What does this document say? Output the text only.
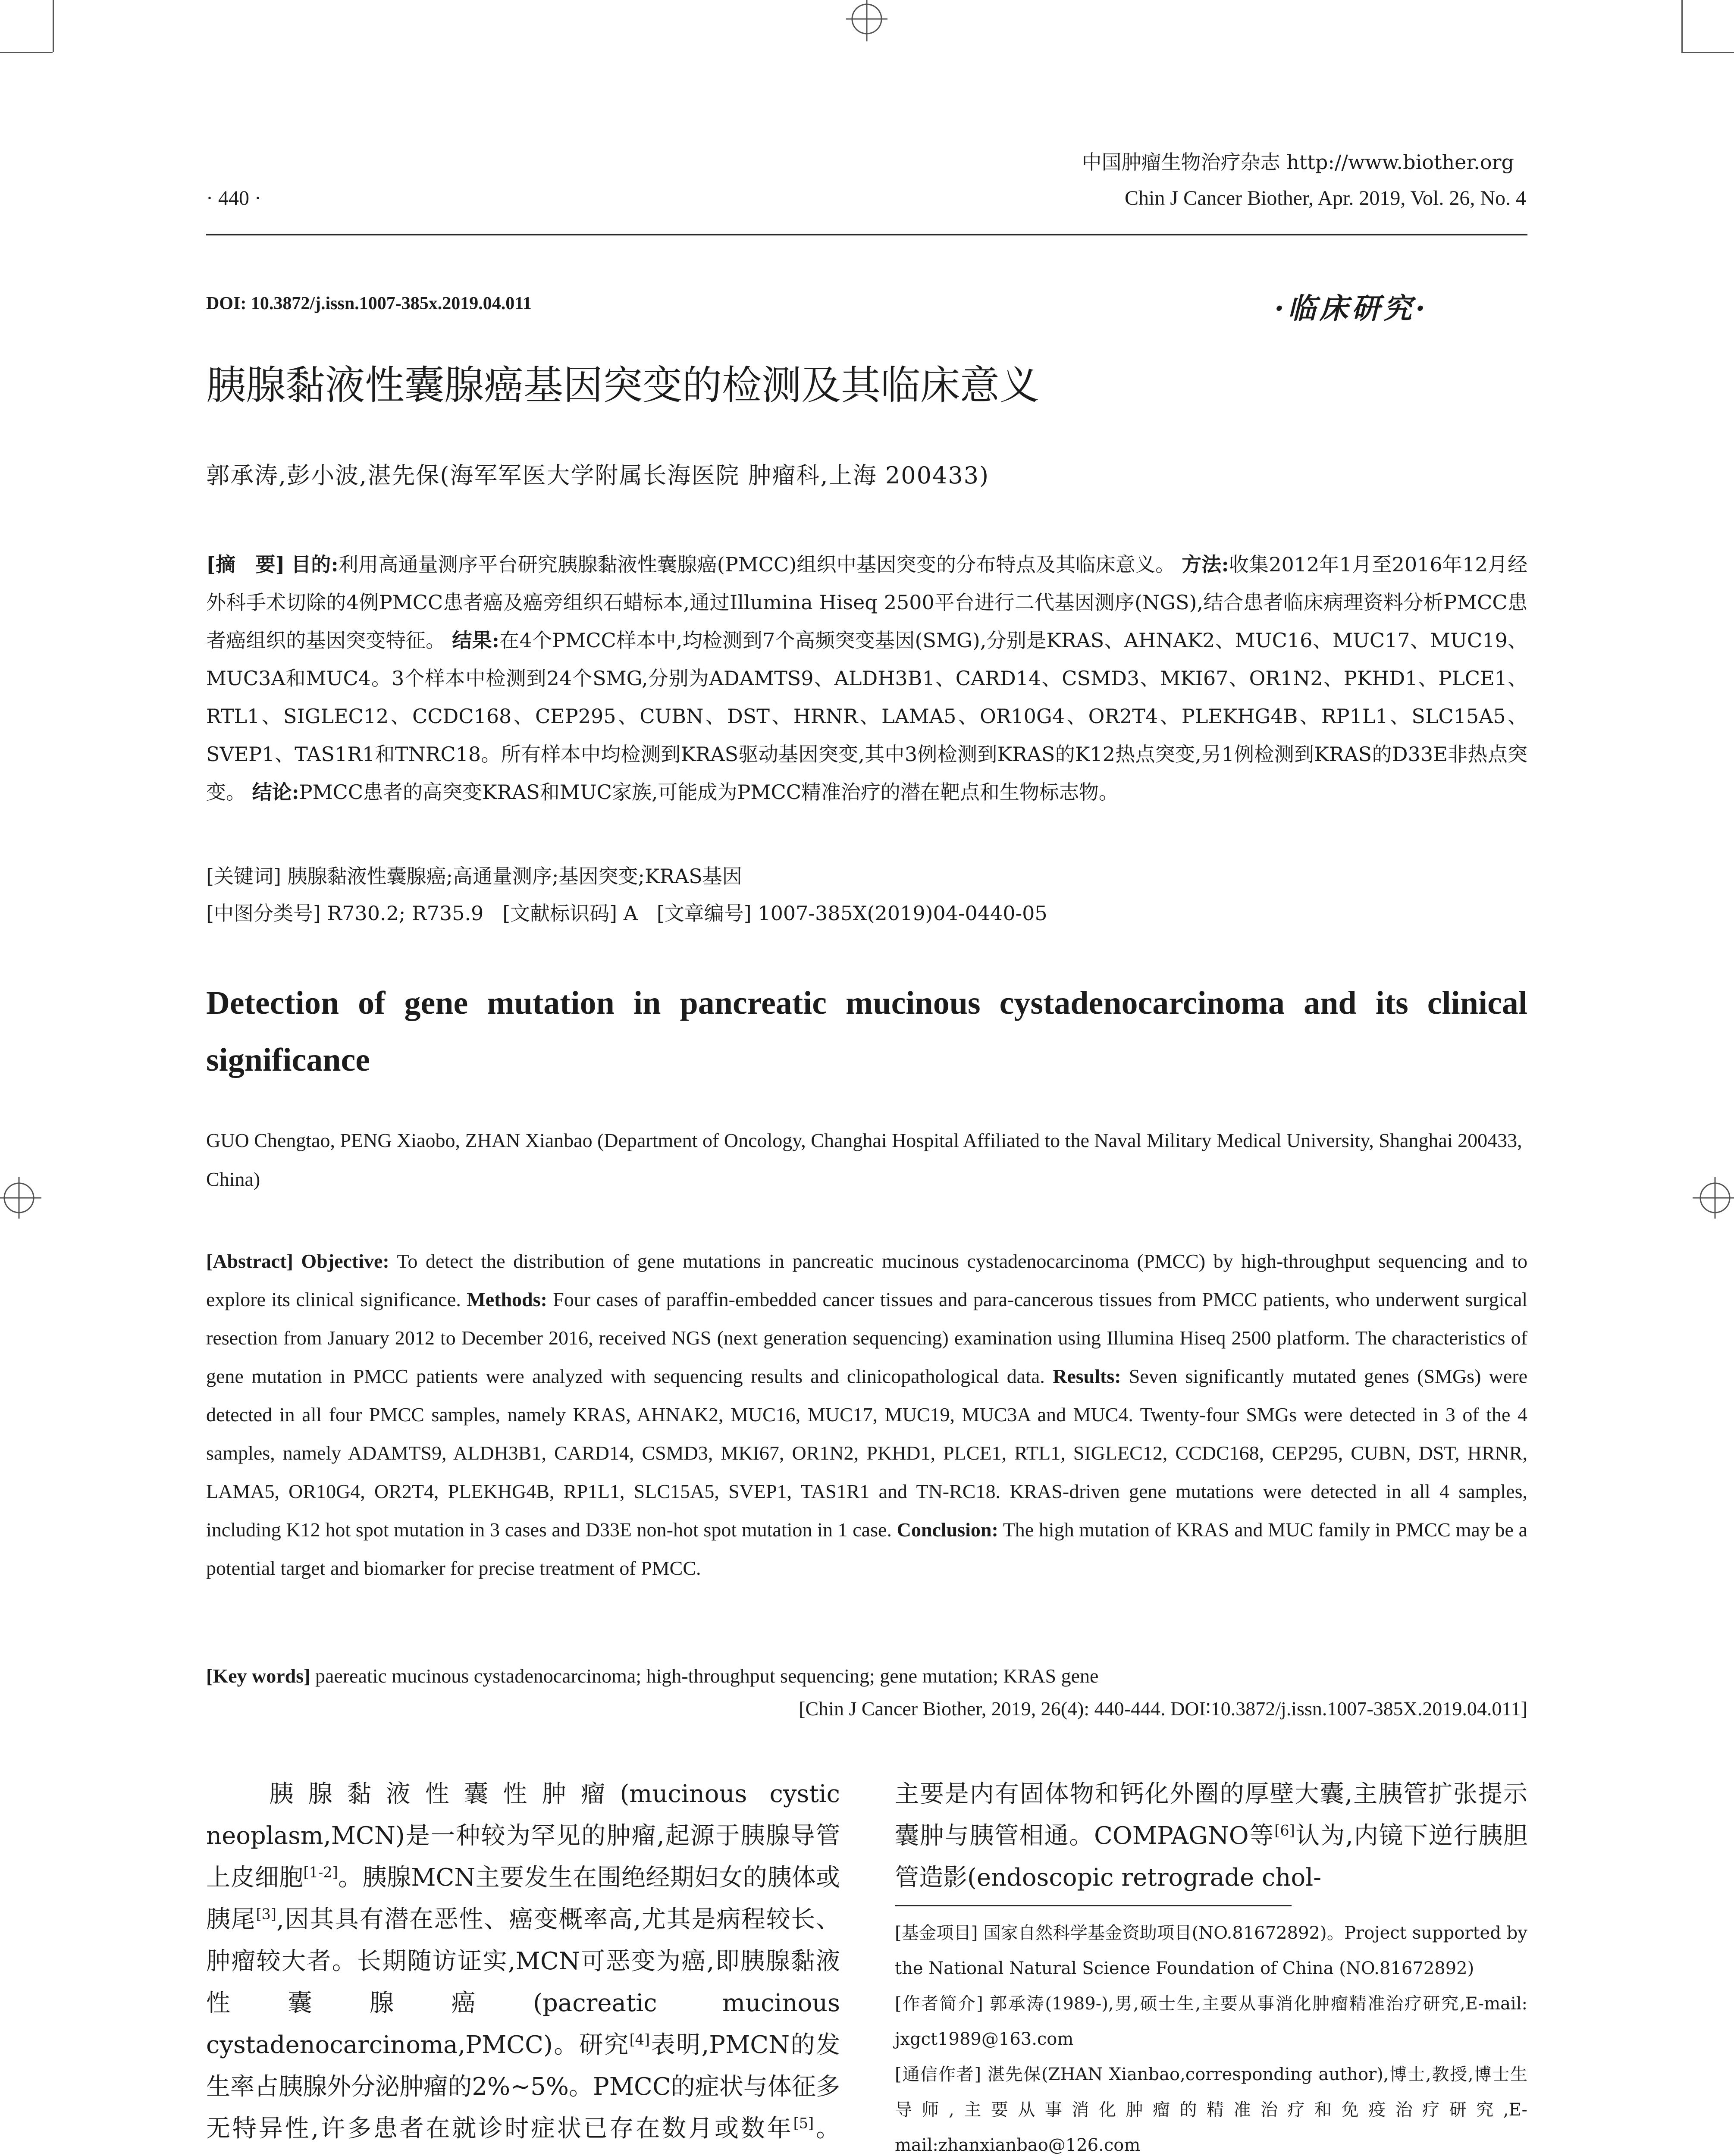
中国肿瘤生物治疗杂志 http://www.biother.org
· 440 ·	Chin J Cancer Biother, Apr. 2019, Vol. 26, No. 4
DOI: 10.3872/j.issn.1007-385x.2019.04.011	·临床研究·
胰腺黏液性囊腺癌基因突变的检测及其临床意义
郭承涛,彭小波,湛先保(海军军医大学附属长海医院 肿瘤科,上海 200433)
[摘　要] 目的:利用高通量测序平台研究胰腺黏液性囊腺癌(PMCC)组织中基因突变的分布特点及其临床意义。 方法:收集2012年1月至2016年12月经外科手术切除的4例PMCC患者癌及癌旁组织石蜡标本,通过Illumina Hiseq 2500平台进行二代基因测序(NGS),结合患者临床病理资料分析PMCC患者癌组织的基因突变特征。 结果:在4个PMCC样本中,均检测到7个高频突变基因(SMG),分别是KRAS、AHNAK2、MUC16、MUC17、MUC19、MUC3A和MUC4。3个样本中检测到24个SMG,分别为ADAMTS9、ALDH3B1、CARD14、CSMD3、MKI67、OR1N2、PKHD1、PLCE1、RTL1、SIGLEC12、CCDC168、CEP295、CUBN、DST、HRNR、LAMA5、OR10G4、OR2T4、PLEKHG4B、RP1L1、SLC15A5、SVEP1、TAS1R1和TNRC18。所有样本中均检测到KRAS驱动基因突变,其中3例检测到KRAS的K12热点突变,另1例检测到KRAS的D33E非热点突变。 结论:PMCC患者的高突变KRAS和MUC家族,可能成为PMCC精准治疗的潜在靶点和生物标志物。
[关键词] 胰腺黏液性囊腺癌;高通量测序;基因突变;KRAS基因
[中图分类号] R730.2; R735.9 [文献标识码] A [文章编号] 1007-385X(2019)04-0440-05
Detection of gene mutation in pancreatic mucinous cystadenocarcinoma and its clinical significance
GUO Chengtao, PENG Xiaobo, ZHAN Xianbao (Department of Oncology, Changhai Hospital Affiliated to the Naval Military Medical University, Shanghai 200433, China)
[Abstract] Objective: To detect the distribution of gene mutations in pancreatic mucinous cystadenocarcinoma (PMCC) by high-throughput sequencing and to explore its clinical significance. Methods: Four cases of paraffin-embedded cancer tissues and para-cancerous tissues from PMCC patients, who underwent surgical resection from January 2012 to December 2016, received NGS (next generation sequencing) examination using Illumina Hiseq 2500 platform. The characteristics of gene mutation in PMCC patients were analyzed with sequencing results and clinicopathological data. Results: Seven significantly mutated genes (SMGs) were detected in all four PMCC samples, namely KRAS, AHNAK2, MUC16, MUC17, MUC19, MUC3A and MUC4. Twenty-four SMGs were detected in 3 of the 4 samples, namely ADAMTS9, ALDH3B1, CARD14, CSMD3, MKI67, OR1N2, PKHD1, PLCE1, RTL1, SIGLEC12, CCDC168, CEP295, CUBN, DST, HRNR, LAMA5, OR10G4, OR2T4, PLEKHG4B, RP1L1, SLC15A5, SVEP1, TAS1R1 and TN-RC18. KRAS-driven gene mutations were detected in all 4 samples, including K12 hot spot mutation in 3 cases and D33E non-hot spot mutation in 1 case. Conclusion: The high mutation of KRAS and MUC family in PMCC may be a potential target and biomarker for precise treatment of PMCC.
[Key words] paereatic mucinous cystadenocarcinoma; high-throughput sequencing; gene mutation; KRAS gene
[Chin J Cancer Biother, 2019, 26(4): 440-444. DOI∶10.3872/j.issn.1007-385X.2019.04.011]
胰腺黏液性囊性肿瘤(mucinous cystic neoplasm,MCN)是一种较为罕见的肿瘤,起源于胰腺导管上皮细胞[1-2]。胰腺MCN主要发生在围绝经期妇女的胰体或胰尾[3],因其具有潜在恶性、癌变概率高,尤其是病程较长、肿瘤较大者。长期随访证实,MCN可恶变为癌,即胰腺黏液性囊腺癌(pacreatic mucinous cystadenocarcinoma,PMCC)。研究[4]表明,PMCN的发生率占胰腺外分泌肿瘤的2%~5%。PMCC的症状与体征多无特异性,许多患者在就诊时症状已存在数月或数年[5]。
主要是内有固体物和钙化外圈的厚壁大囊,主胰管扩张提示囊肿与胰管相通。COMPAGNO等[6]认为,内镜下逆行胰胆管造影(endoscopic retrograde chol-

[基金项目] 国家自然科学基金资助项目(NO.81672892)。Project supported by the National Natural Science Foundation of China (NO.81672892)

[作者简介] 郭承涛(1989-),男,硕士生,主要从事消化肿瘤精准治疗研究,E-mail: jxgct1989@163.com

[通信作者] 湛先保(ZHAN Xianbao,corresponding author),博士,教授,博士生导师,主要从事消化肿瘤的精准治疗和免疫治疗研究,E-mail:zhanxianbao@126.com
